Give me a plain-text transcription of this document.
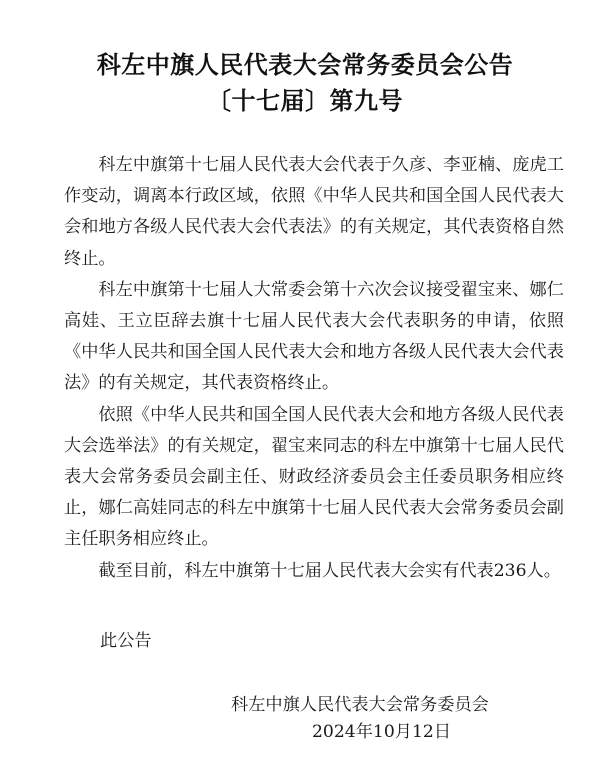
科左中旗人民代表大会常务委员会公告
〔十七届〕第九号

科左中旗第十七届人民代表大会代表于久彦、李亚楠、庞虎工作变动，调离本行政区域，依照《中华人民共和国全国人民代表大会和地方各级人民代表大会代表法》的有关规定，其代表资格自然终止。

科左中旗第十七届人大常委会第十六次会议接受翟宝来、娜仁高娃、王立臣辞去旗十七届人民代表大会代表职务的申请，依照《中华人民共和国全国人民代表大会和地方各级人民代表大会代表法》的有关规定，其代表资格终止。

依照《中华人民共和国全国人民代表大会和地方各级人民代表大会选举法》的有关规定，翟宝来同志的科左中旗第十七届人民代表大会常务委员会副主任、财政经济委员会主任委员职务相应终止，娜仁高娃同志的科左中旗第十七届人民代表大会常务委员会副主任职务相应终止。

截至目前，科左中旗第十七届人民代表大会实有代表236人。

此公告
科左中旗人民代表大会常务委员会
2024年10月12日
